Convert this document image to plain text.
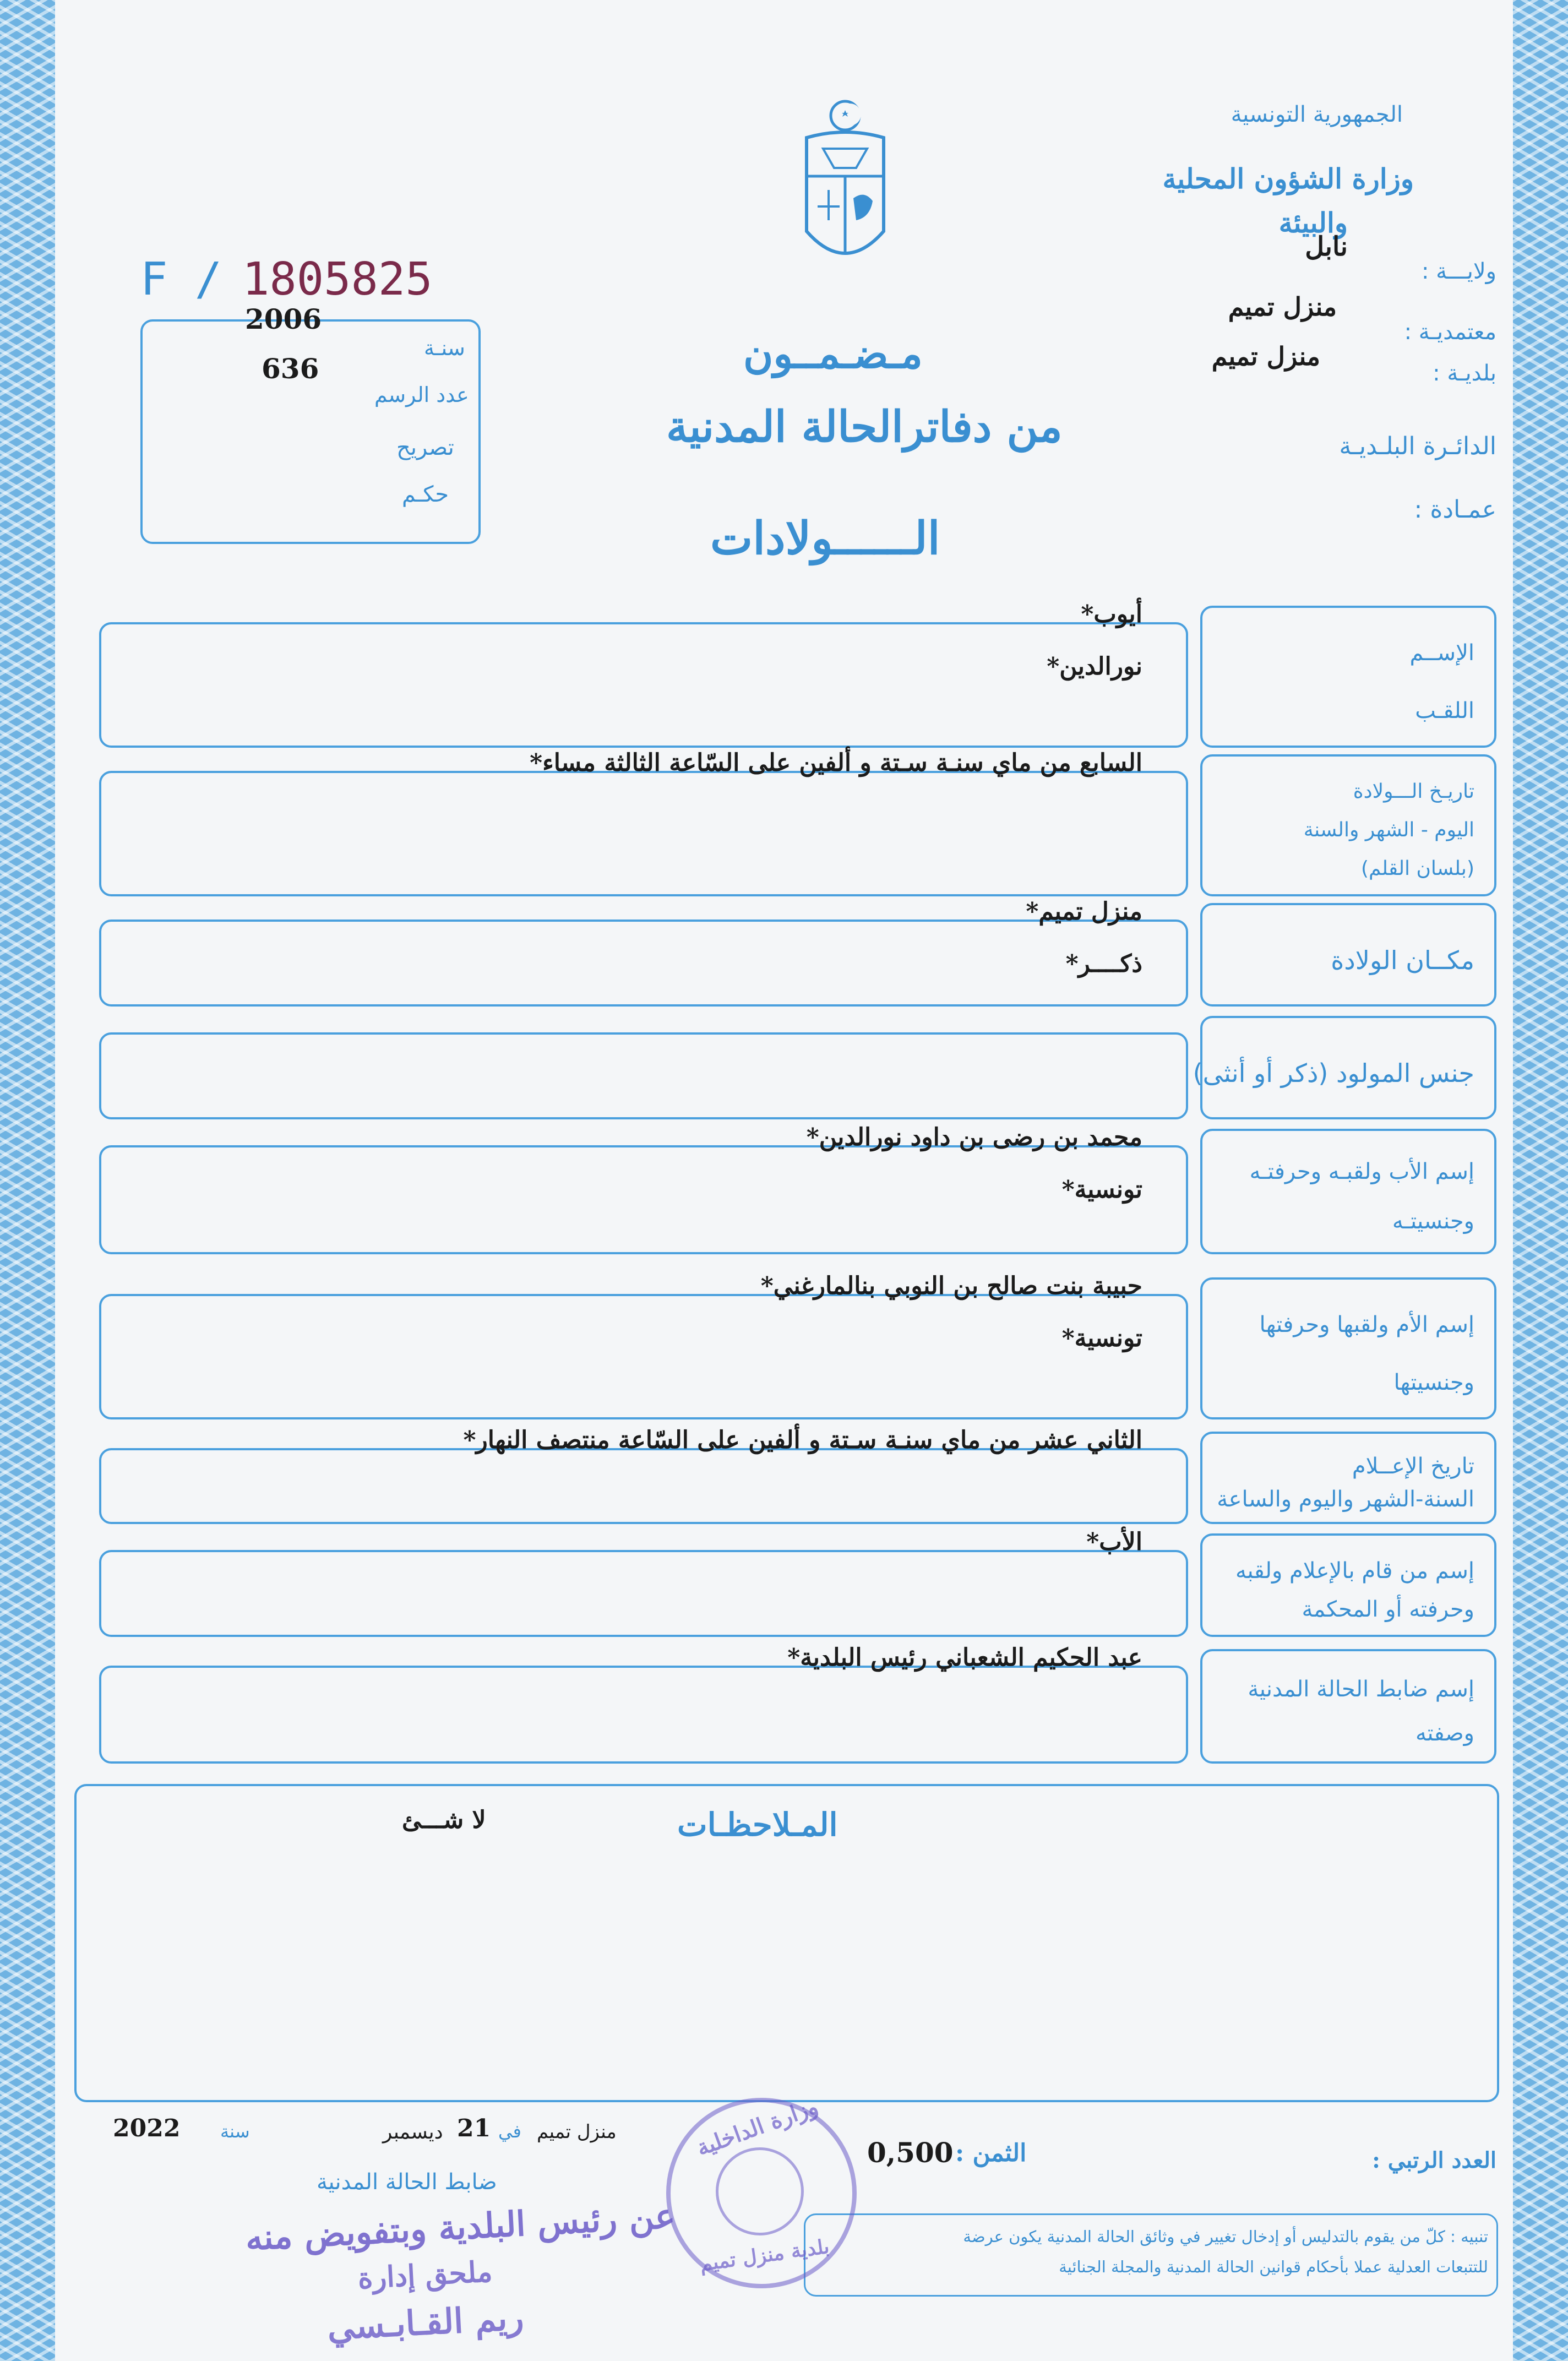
الجمهورية التونسية
وزارة الشؤون المحلية
والبيئة
نابل
ولايـــة :
منزل تميم
معتمديـة :
منزل تميم
بلديـة :
الدائـرة البلـديـة
عمـادة :
F / 1805825
2006
سنـة
636
عدد الرسم
تصريح
حكـم
مـضـمــون
من دفاترالحالة المدنية
الــــــولادات
الإســم
اللقـب
أيوب*
نورالدين*
تاريـخ الـــولادة
اليوم - الشهر والسنة
(بلسان القلم)
السابع من ماي سنـة سـتة و ألفين على السّاعة الثالثة مساء*
مكــان الولادة
منزل تميم*
ذكــــر*
جنس المولود (ذكر أو أنثى)
إسم الأب ولقبـه وحرفتـه
وجنسيتـه
محمد بن رضى بن داود نورالدين*
تونسية*
إسم الأم ولقبها وحرفتها
وجنسيتها
حبيبة بنت صالح بن النوبي بنالمارغني*
تونسية*
تاريخ الإعــلام
السنة-الشهر واليوم والساعة
الثاني عشر من ماي سنـة سـتة و ألفين على السّاعة منتصف النهار*
إسم من قام بالإعلام ولقبه
وحرفته أو المحكمة
الأب*
إسم ضابط الحالة المدنية
وصفته
عبد الحكيم الشعباني رئيس البلدية*
المـلاحظـات
لا شـــئ
2022 سنة	ديسمبر 21 في منزل تميم
0,500 الثمن :	العدد الرتبي :
ضابط الحالة المدنية
تنبيه : كلّ من يقوم بالتدليس أو إدخال تغيير في وثائق الحالة المدنية يكون عرضة
للتتبعات العدلية عملا بأحكام قوانين الحالة المدنية والمجلة الجنائية
عن رئيس البلدية وبتفويض منه
ملحق إدارة
ريم القـابـسي
وزارة الداخلية
بلدية منزل تميم
